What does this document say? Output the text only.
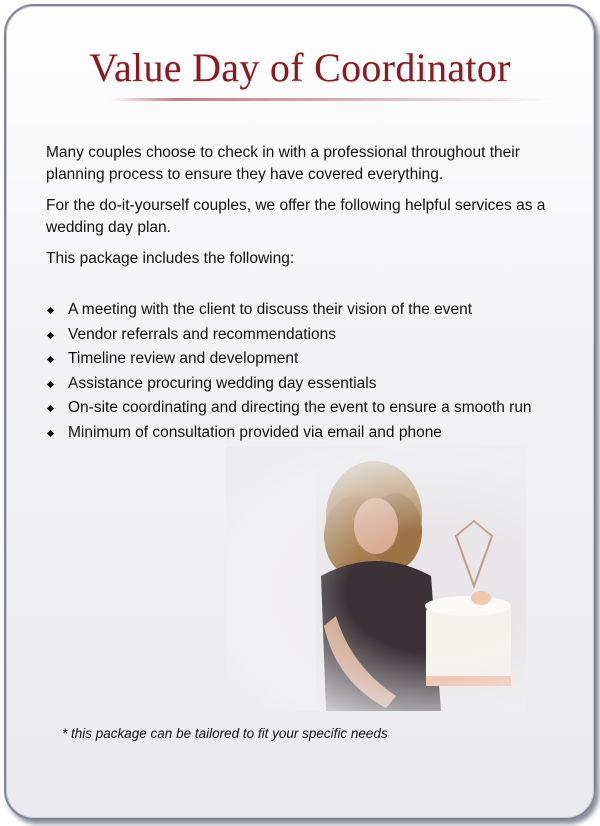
Value Day of Coordinator

Many couples choose to check in with a professional throughout their planning process to ensure they have covered everything.

For the do-it-yourself couples, we offer the following helpful services as a wedding day plan.

This package includes the following:

A meeting with the client to discuss their vision of the event
Vendor referrals and recommendations
Timeline review and development
Assistance procuring wedding day essentials
On-site coordinating and directing the event to ensure a smooth run
Minimum of consultation provided via email and phone
* this package can be tailored to fit your specific needs
